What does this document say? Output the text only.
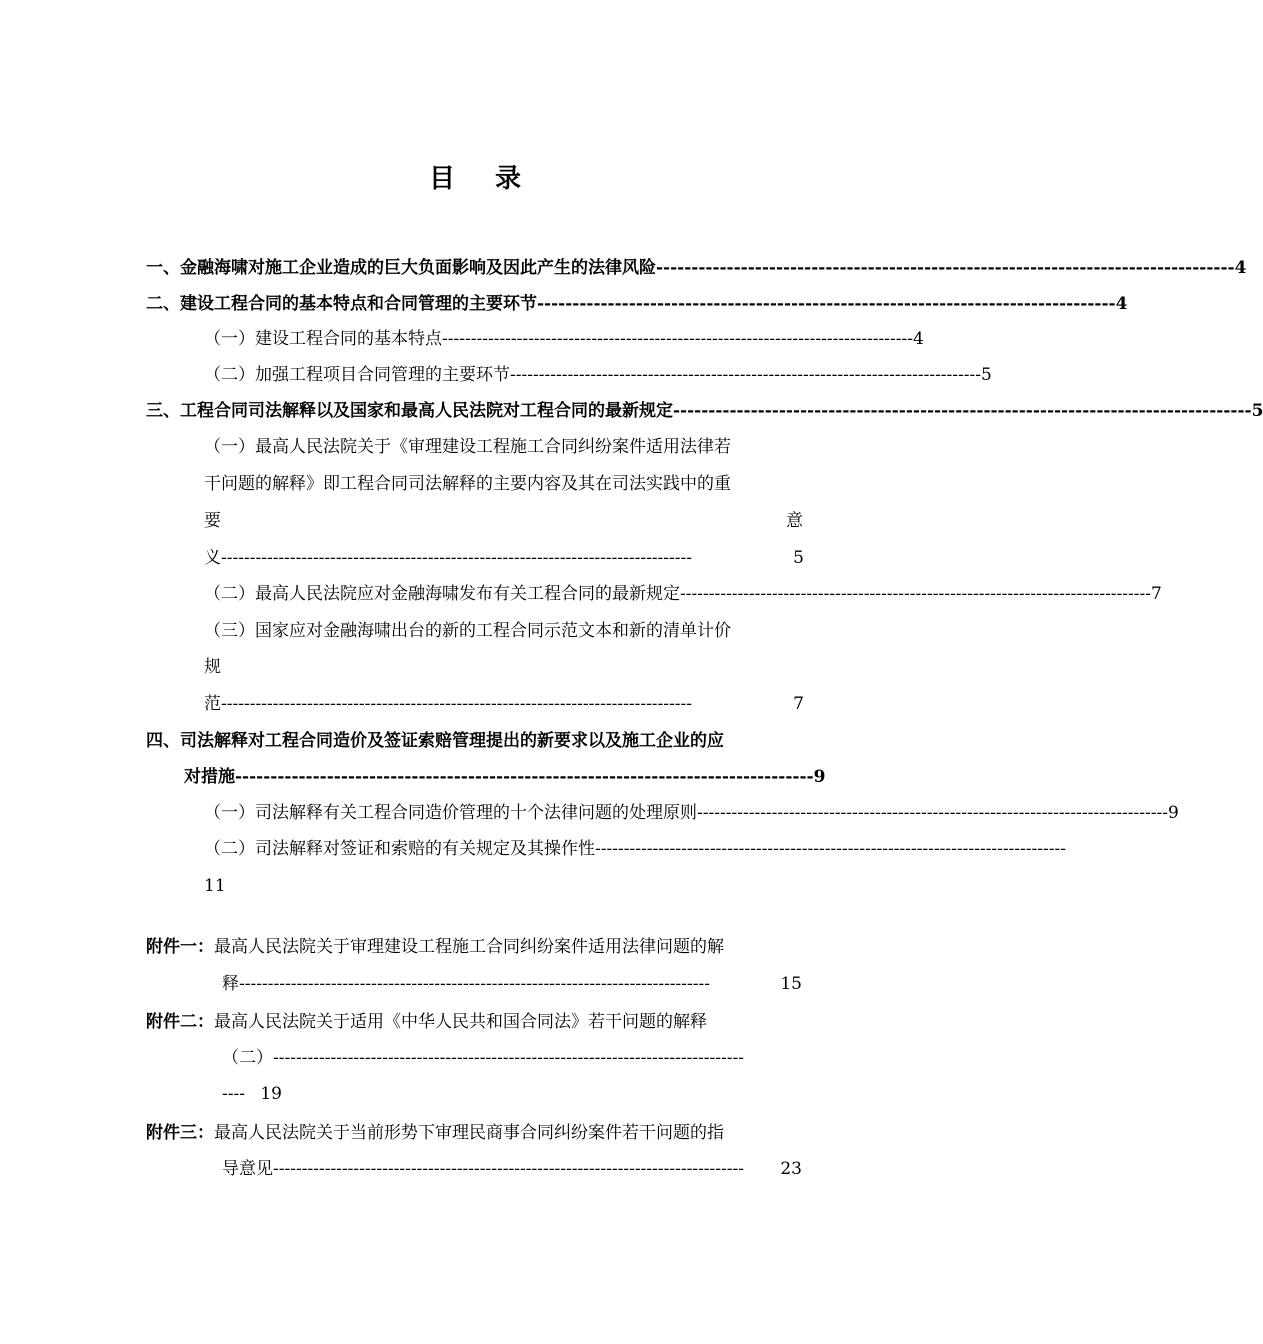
目 录
一、金融海啸对施工企业造成的巨大负面影响及因此产生的法律风险 ---------------------------------------------------------------------------------- 4
二、建设工程合同的基本特点和合同管理的主要环节 ---------------------------------------------------------------------------------- 4
（一）建设工程合同的基本特点 ---------------------------------------------------------------------------------- 4
（二）加强工程项目合同管理的主要环节 ---------------------------------------------------------------------------------- 5
三、工程合同司法解释以及国家和最高人民法院对工程合同的最新规定 ---------------------------------------------------------------------------------- 5
（一）最高人民法院关于《审理建设工程施工合同纠纷案件适用法律若
干问题的解释》即工程合同司法解释的主要内容及其在司法实践中的重
要	意
义 ----------------------------------------------------------------------------------	5
（二）最高人民法院应对金融海啸发布有关工程合同的最新规定 ---------------------------------------------------------------------------------- 7
（三）国家应对金融海啸出台的新的工程合同示范文本和新的清单计价
规
范 ----------------------------------------------------------------------------------	7
四、司法解释对工程合同造价及签证索赔管理提出的新要求以及施工企业的应
对措施 ---------------------------------------------------------------------------------- 9
（一）司法解释有关工程合同造价管理的十个法律问题的处理原则 ---------------------------------------------------------------------------------- 9
（二）司法解释对签证和索赔的有关规定及其操作性 ----------------------------------------------------------------------------------
11
附件一：最高人民法院关于审理建设工程施工合同纠纷案件适用法律问题的解
释 ----------------------------------------------------------------------------------	15
附件二：最高人民法院关于适用《中华人民共和国合同法》若干问题的解释
（二） ----------------------------------------------------------------------------------
---- 19
附件三：最高人民法院关于当前形势下审理民商事合同纠纷案件若干问题的指
导意见 ----------------------------------------------------------------------------------	23
